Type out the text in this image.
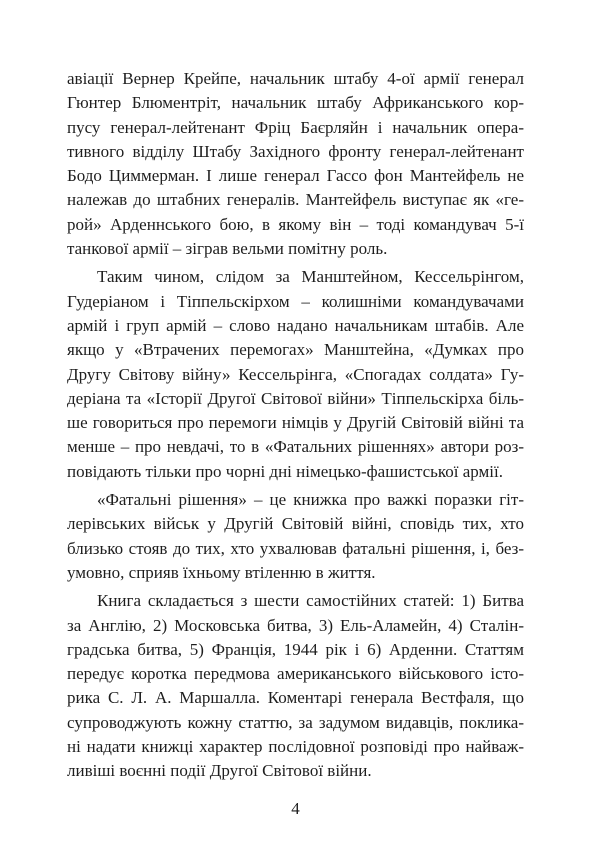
авіації Вернер Крейпе, начальник штабу 4-ої армії генерал
Гюнтер Блюментріт, начальник штабу Африканського кор-
пусу генерал-лейтенант Фріц Баєрляйн і начальник опера-
тивного відділу Штабу Західного фронту генерал-лейтенант
Бодо Циммерман. І лише генерал Гассо фон Мантейфель не
належав до штабних генералів. Мантейфель виступає як «ге-
рой» Арденнського бою, в якому він – тоді командувач 5-ї
танкової армії – зіграв вельми помітну роль.
Таким чином, слідом за Манштейном, Кессельрінгом,
Гудеріаном і Тіппельскірхом – колишніми командувачами
армій і груп армій – слово надано начальникам штабів. Але
якщо у «Втрачених перемогах» Манштейна, «Думках про
Другу Світову війну» Кессельрінга, «Спогадах солдата» Гу-
деріана та «Історії Другої Світової війни» Тіппельскірха біль-
ше говориться про перемоги німців у Другій Світовій війні та
менше – про невдачі, то в «Фатальних рішеннях» автори роз-
повідають тільки про чорні дні німецько-фашистської армії.
«Фатальні рішення» – це книжка про важкі поразки гіт-
лерівських військ у Другій Світовій війні, сповідь тих, хто
близько стояв до тих, хто ухвалював фатальні рішення, і, без-
умовно, сприяв їхньому втіленню в життя.
Книга складається з шести самостійних статей: 1) Битва
за Англію, 2) Московська битва, 3) Ель-Аламейн, 4) Сталін-
градська битва, 5) Франція, 1944 рік і 6) Арденни. Статтям
передує коротка передмова американського військового істо-
рика С. Л. А. Маршалла. Коментарі генерала Вестфаля, що
супроводжують кожну статтю, за задумом видавців, поклика-
ні надати книжці характер послідовної розповіді про найваж-
ливіші воєнні події Другої Світової війни.
4
